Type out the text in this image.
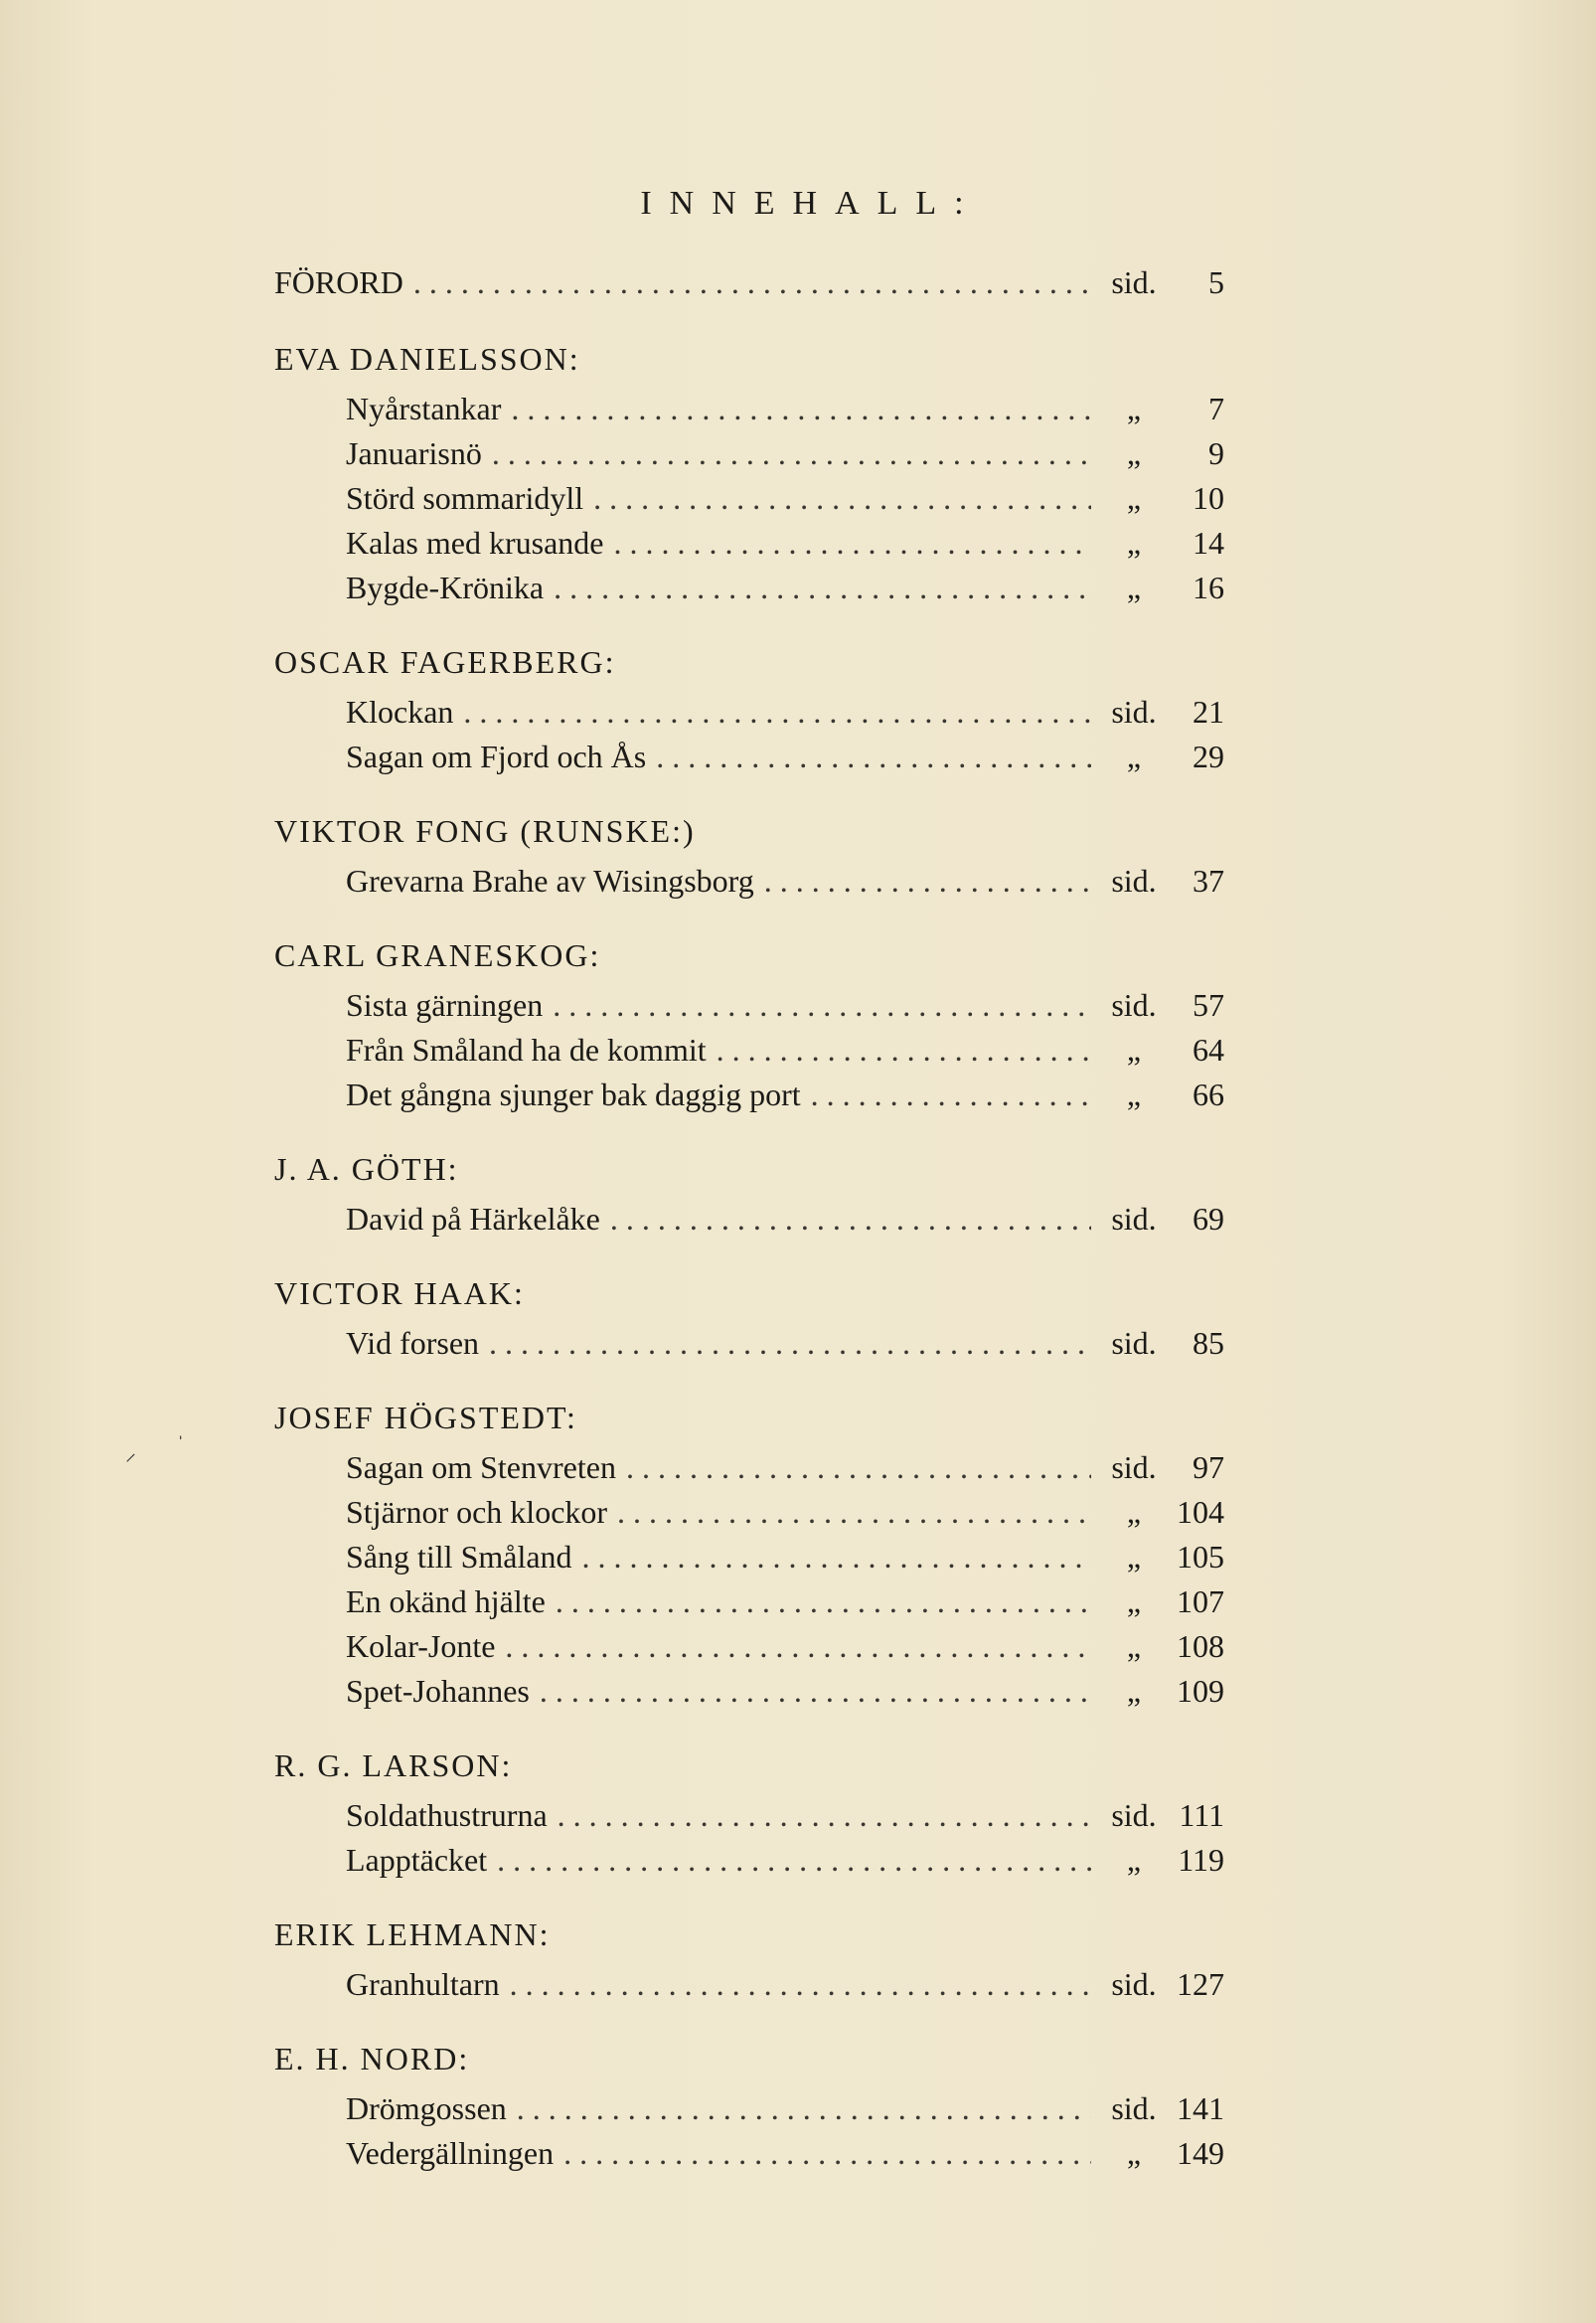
INNEHALL:
FÖRORD . . .	sid.	5
EVA DANIELSSON:
Nyårstankar . . .	„	7
Januarisnö . . .	„	9
Störd sommaridyll . . .	„	10
Kalas med krusande . . .	„	14
Bygde-Krönika . . .	„	16
OSCAR FAGERBERG:
Klockan . . .	sid.	21
Sagan om Fjord och Ås . . .	„	29
VIKTOR FONG (RUNSKE:)
Grevarna Brahe av Wisingsborg . . .	sid.	37
CARL GRANESKOG:
Sista gärningen . . .	sid.	57
Från Småland ha de kommit . . .	„	64
Det gångna sjunger bak daggig port . . .	„	66
J. A. GÖTH:
David på Härkelåke . . .	sid.	69
VICTOR HAAK:
Vid forsen . . .	sid.	85
JOSEF HÖGSTEDT:
Sagan om Stenvreten . . .	sid.	97
Stjärnor och klockor . . .	„	104
Sång till Småland . . .	„	105
En okänd hjälte . . .	„	107
Kolar-Jonte . . .	„	108
Spet-Johannes . . .	„	109
R. G. LARSON:
Soldathustrurna . . .	sid. 111
Lapptäcket . . .	„	119
ERIK LEHMANN:
Granhultarn . . .	sid. 127
E. H. NORD:
Drömgossen . . .	sid. 141
Vedergällningen . . .	„	149
⸝ ˈ
